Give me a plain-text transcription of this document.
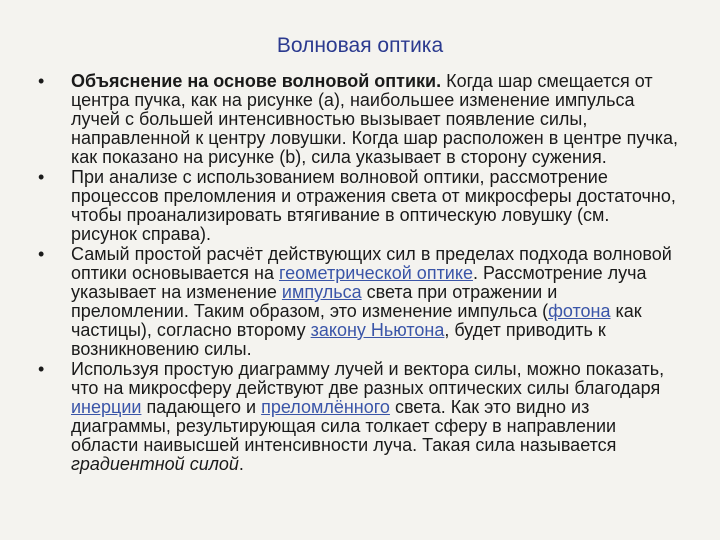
Волновая оптика
• Объяснение на основе волновой оптики. Когда шар смещается от центра пучка, как на рисунке (a), наибольшее изменение импульса лучей с большей интенсивностью вызывает появление силы, направленной к центру ловушки. Когда шар расположен в центре пучка, как показано на рисунке (b), сила указывает в сторону сужения.
• При анализе с использованием волновой оптики, рассмотрение процессов преломления и отражения света от микросферы достаточно, чтобы проанализировать втягивание в оптическую ловушку (см. рисунок справа).
• Самый простой расчёт действующих сил в пределах подхода волновой оптики основывается на геометрической оптике. Рассмотрение луча указывает на изменение импульса света при отражении и преломлении. Таким образом, это изменение импульса (фотона как частицы), согласно второму закону Ньютона, будет приводить к возникновению силы.
• Используя простую диаграмму лучей и вектора силы, можно показать, что на микросферу действуют две разных оптических силы благодаря инерции падающего и преломлённого света. Как это видно из диаграммы, результирующая сила толкает сферу в направлении области наивысшей интенсивности луча. Такая сила называется градиентной силой.
